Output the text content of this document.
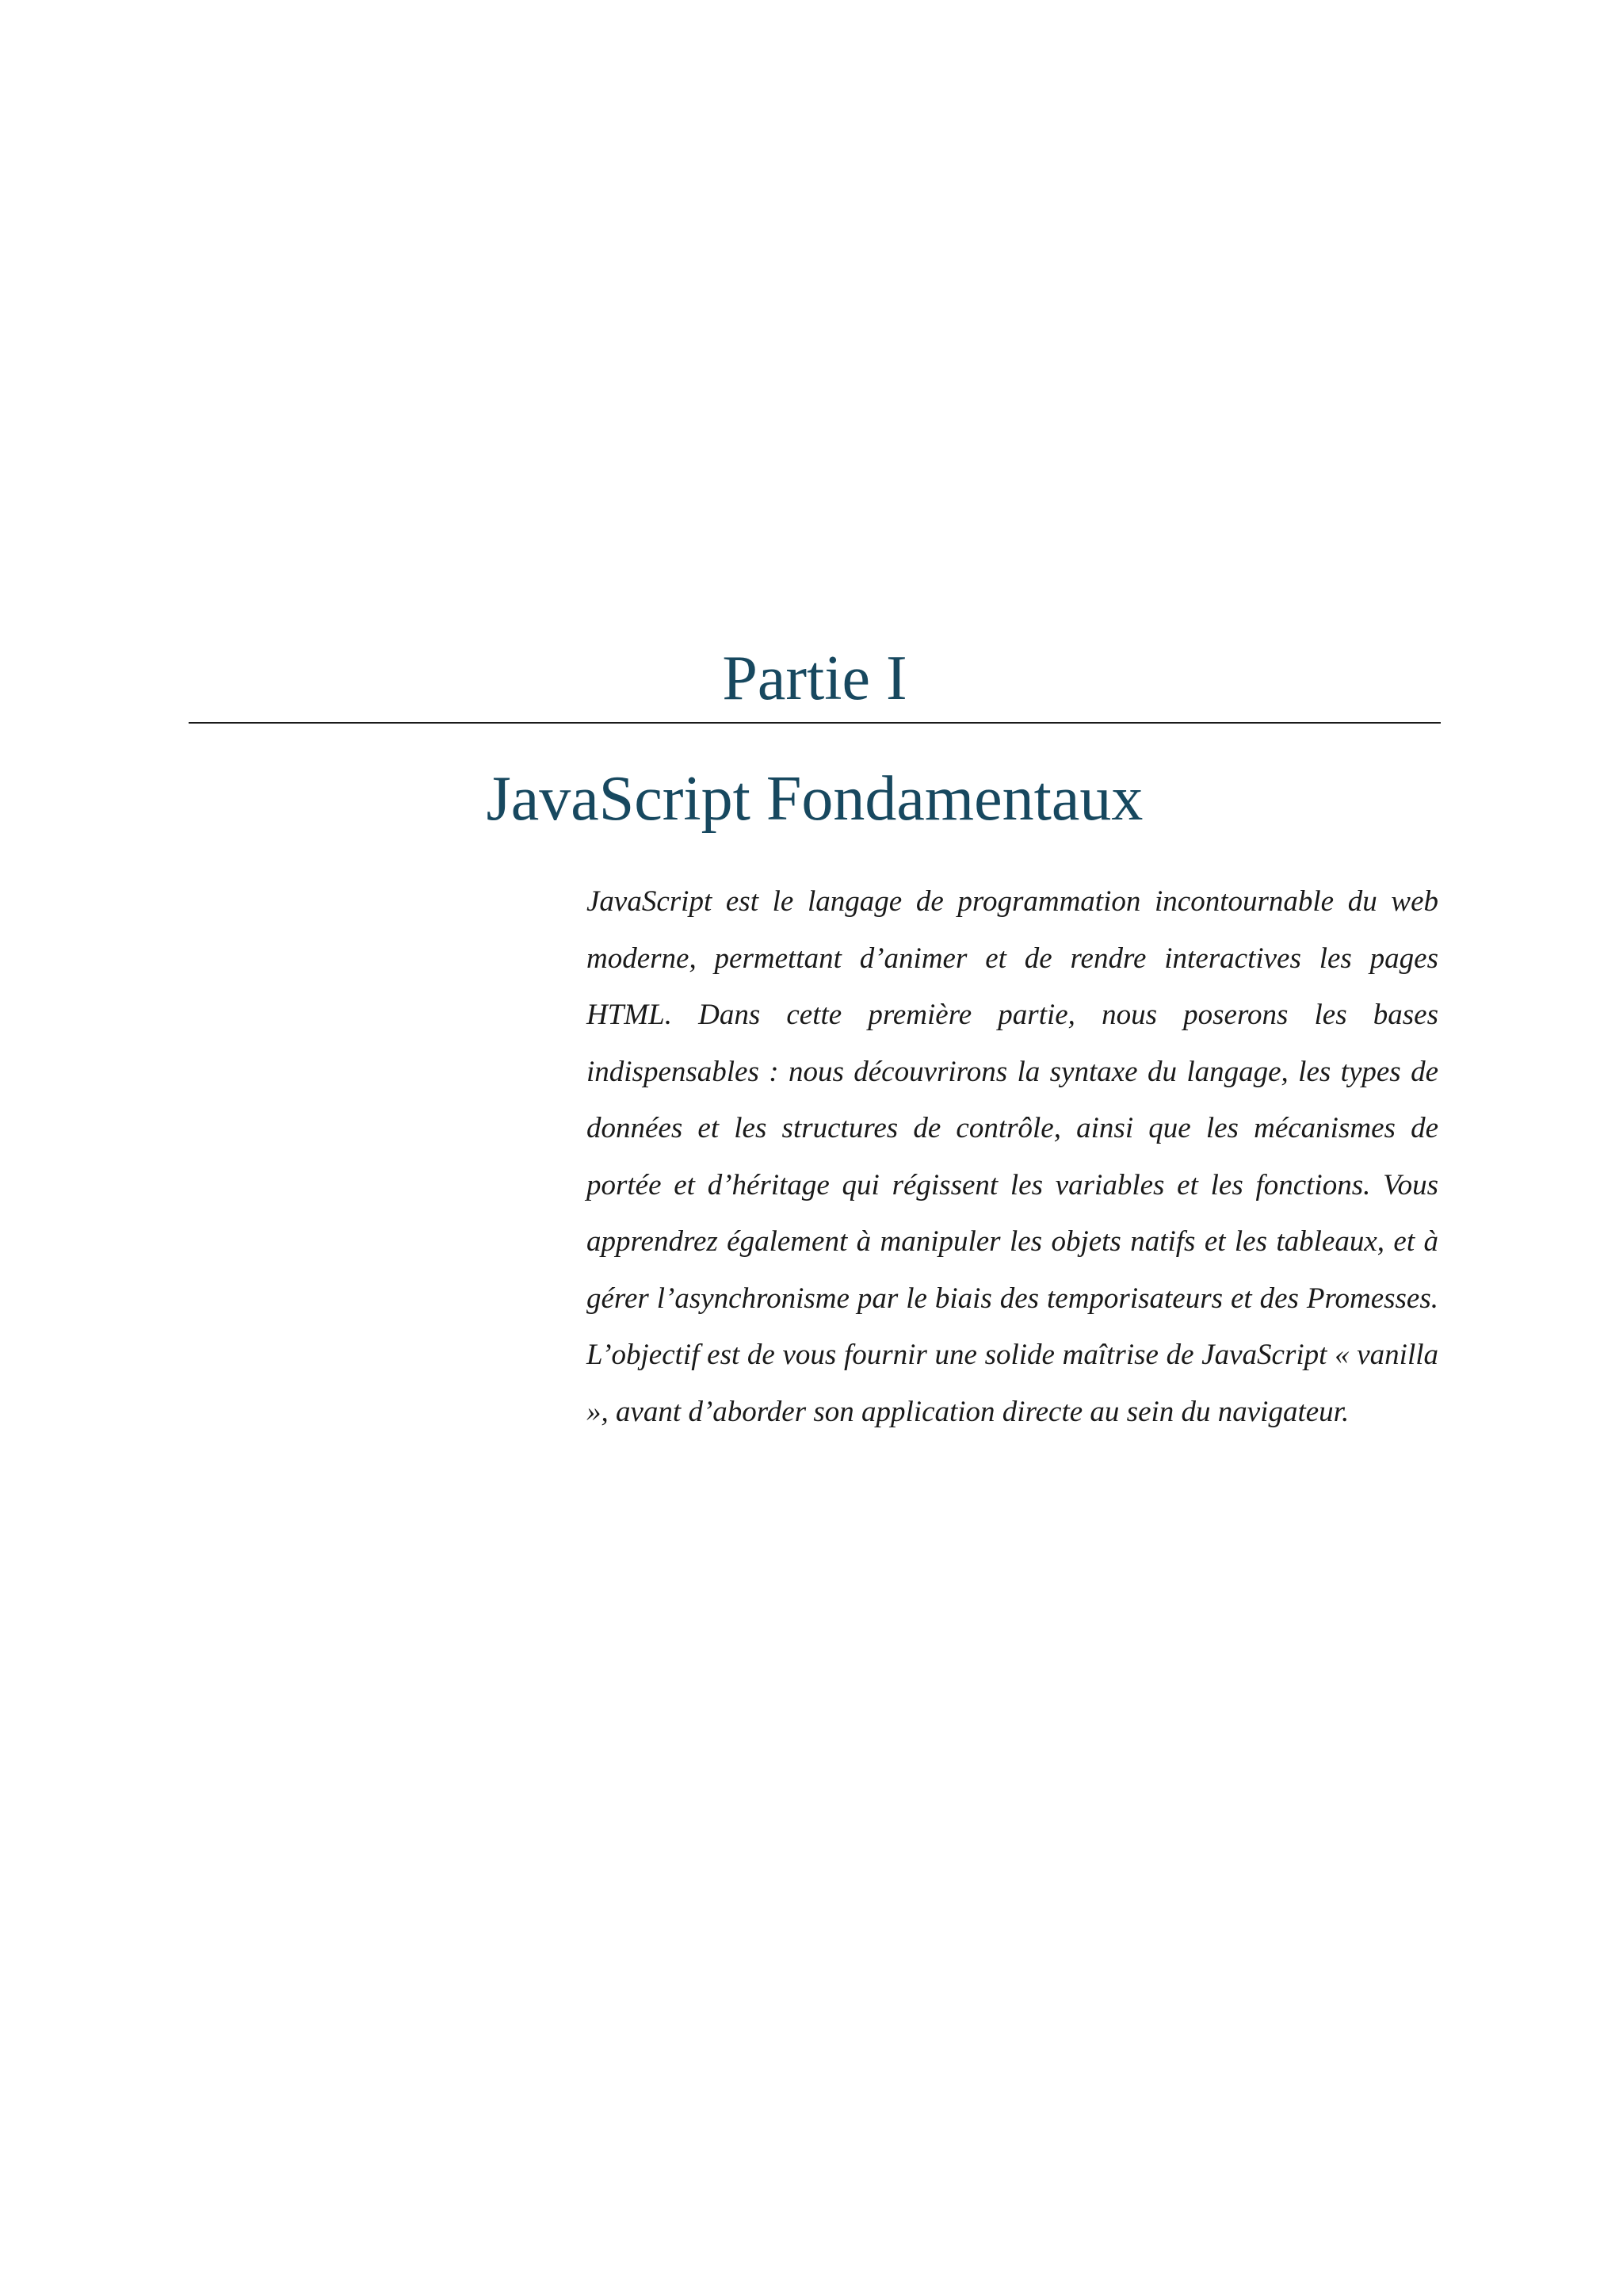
Partie I
JavaScript Fondamentaux

JavaScript est le langage de programmation incontournable du web moderne, permettant d’animer et de rendre interactives les pages HTML. Dans cette première partie, nous poserons les bases indispensables : nous découvrirons la syntaxe du langage, les types de données et les structures de contrôle, ainsi que les mécanismes de portée et d’héritage qui régissent les variables et les fonctions. Vous apprendrez également à manipuler les objets natifs et les tableaux, et à gérer l’asynchronisme par le biais des temporisateurs et des Promesses. L’objectif est de vous fournir une solide maîtrise de JavaScript « vanilla », avant d’aborder son application directe au sein du navigateur.
